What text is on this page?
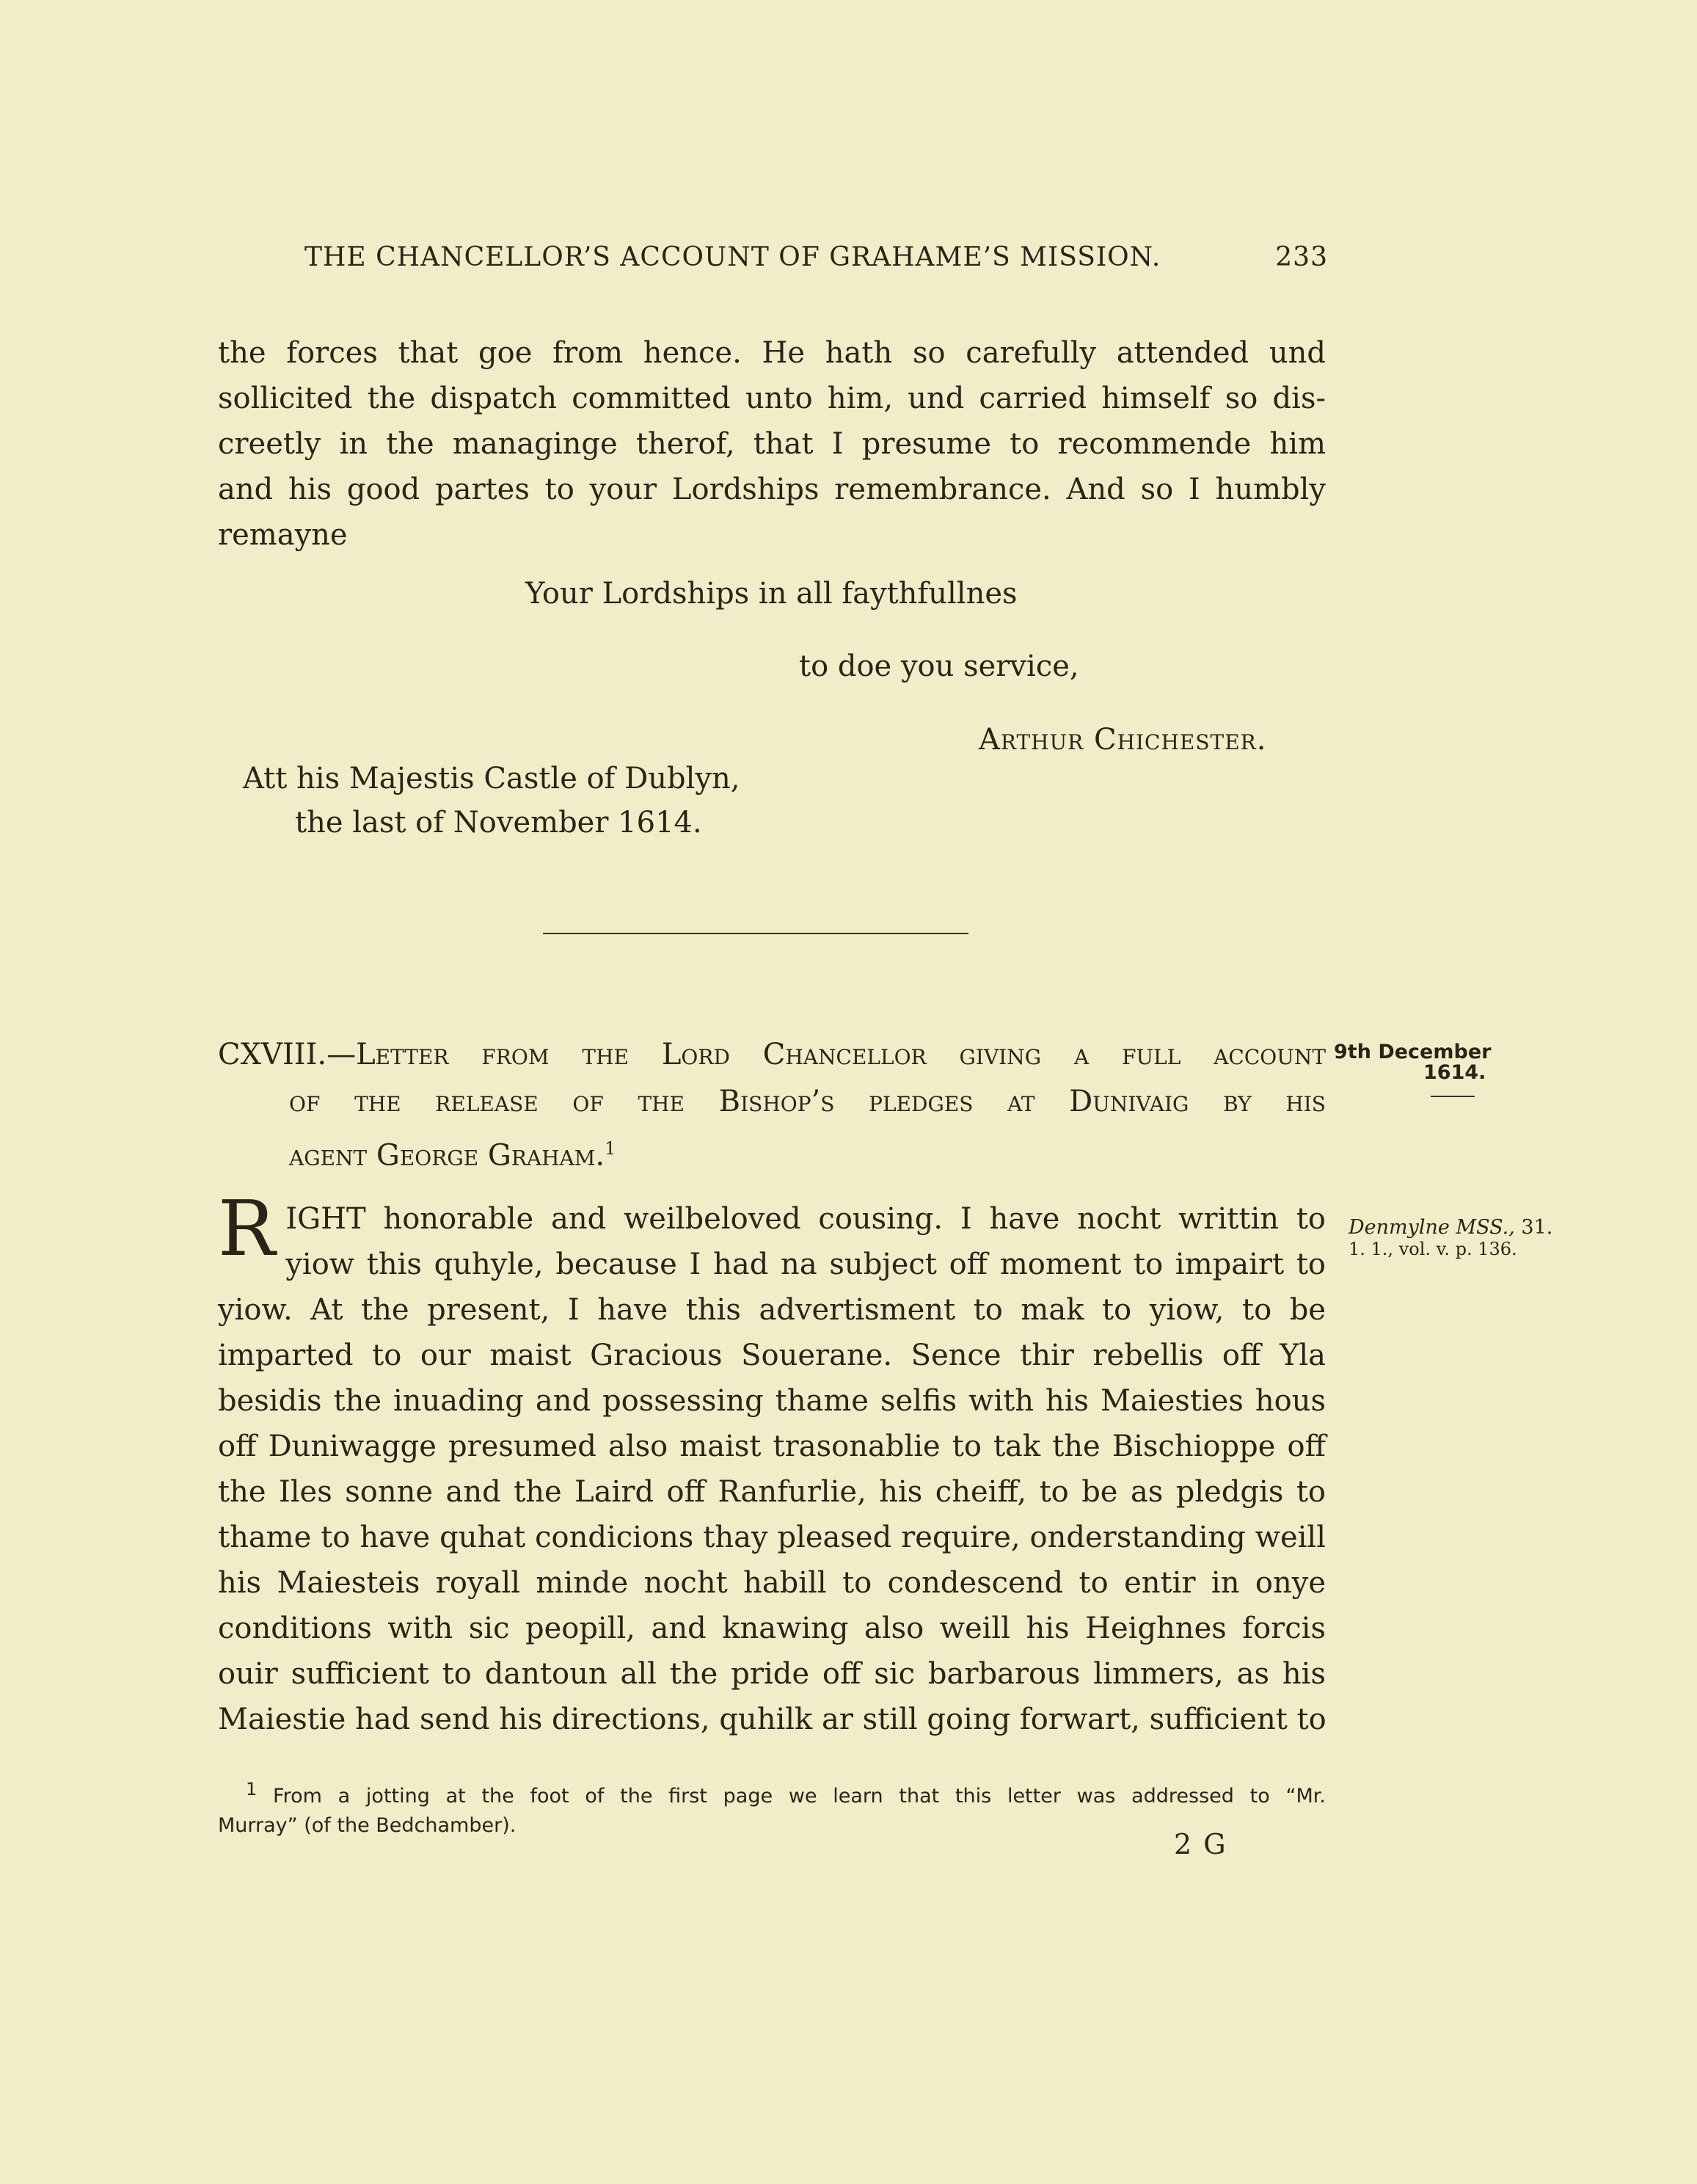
THE CHANCELLOR’S ACCOUNT OF GRAHAME’S MISSION.	233
the forces that goe from hence. He hath so carefully attended und
sollicited the dispatch committed unto him, und carried himself so dis-
creetly in the managinge therof, that I presume to recommende him
and his good partes to your Lordships remembrance. And so I humbly
remayne
Your Lordships in all faythfullnes
to doe you service,
Arthur Chichester.
Att his Majestis Castle of Dublyn,
the last of November 1614.
CXVIII.—Letter from the Lord Chancellor giving a full account
of the release of the Bishop’s pledges at Dunivaig by his
agent George Graham.$^1$
9th December
1614.
Denmylne MSS., 31.
1. 1., vol. v. p. 136.
R IGHT honorable and weilbeloved cousing. I have nocht writtin to
yiow this quhyle, because I had na subject off moment to impairt to
yiow. At the present, I have this advertisment to mak to yiow, to be
imparted to our maist Gracious Souerane. Sence thir rebellis off Yla
besidis the inuading and possessing thame selfis with his Maiesties hous
off Duniwagge presumed also maist trasonablie to tak the Bischioppe off
the Iles sonne and the Laird off Ranfurlie, his cheiff, to be as pledgis to
thame to have quhat condicions thay pleased require, onderstanding weill
his Maiesteis royall minde nocht habill to condescend to entir in onye
conditions with sic peopill, and knawing also weill his Heighnes forcis
ouir sufficient to dantoun all the pride off sic barbarous limmers, as his
Maiestie had send his directions, quhilk ar still going forwart, sufficient to
$^1$ From a jotting at the foot of the first page we learn that this letter was addressed to “Mr.
Murray” (of the Bedchamber).
2 G
